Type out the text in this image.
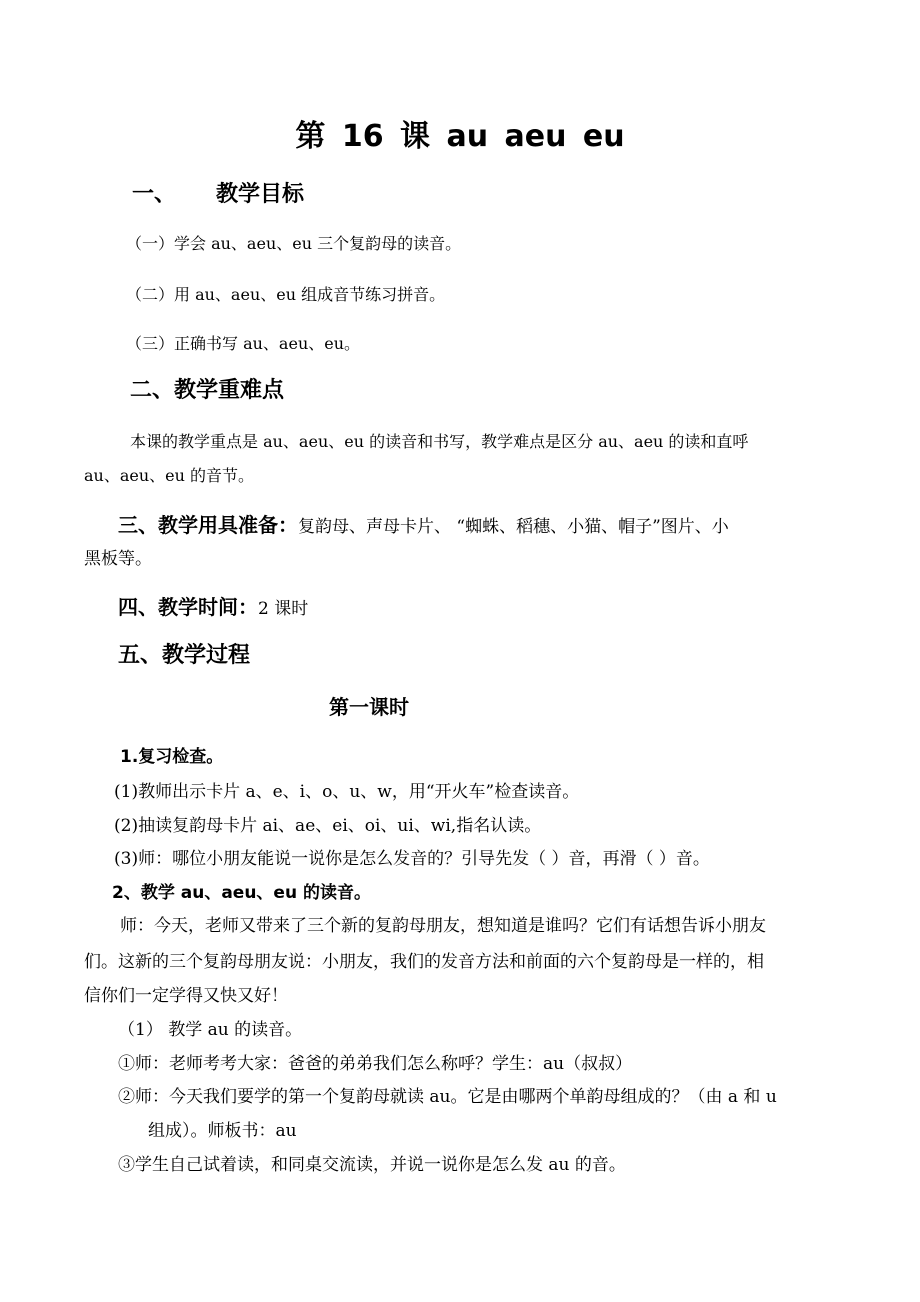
第 16 课 au aeu eu
一、 教学目标
（一）学会 au、aeu、eu 三个复韵母的读音。
（二）用 au、aeu、eu 组成音节练习拼音。
（三）正确书写 au、aeu、eu。
二、教学重难点
本课的教学重点是 au、aeu、eu 的读音和书写，教学难点是区分 au、aeu 的读和直呼
au、aeu、eu 的音节。
三、教学用具准备：复韵母、声母卡片、 “蜘蛛、稻穗、小猫、帽子”图片、小
黑板等。
四、教学时间：2 课时
五、教学过程
第一课时
1.复习检查。
(1)教师出示卡片 a、e、i、o、u、w，用“开火车”检查读音。
(2)抽读复韵母卡片 ai、ae、ei、oi、ui、wi,指名认读。
(3)师：哪位小朋友能说一说你是怎么发音的？引导先发（ ）音，再滑（ ）音。
2、教学 au、aeu、eu 的读音。
师：今天，老师又带来了三个新的复韵母朋友，想知道是谁吗？它们有话想告诉小朋友
们。这新的三个复韵母朋友说：小朋友，我们的发音方法和前面的六个复韵母是一样的，相
信你们一定学得又快又好！
（1） 教学 au 的读音。
①师：老师考考大家：爸爸的弟弟我们怎么称呼？学生：au（叔叔）
②师：今天我们要学的第一个复韵母就读 au。它是由哪两个单韵母组成的？（由 a 和 u
组成）。师板书：au
③学生自己试着读，和同桌交流读，并说一说你是怎么发 au 的音。
